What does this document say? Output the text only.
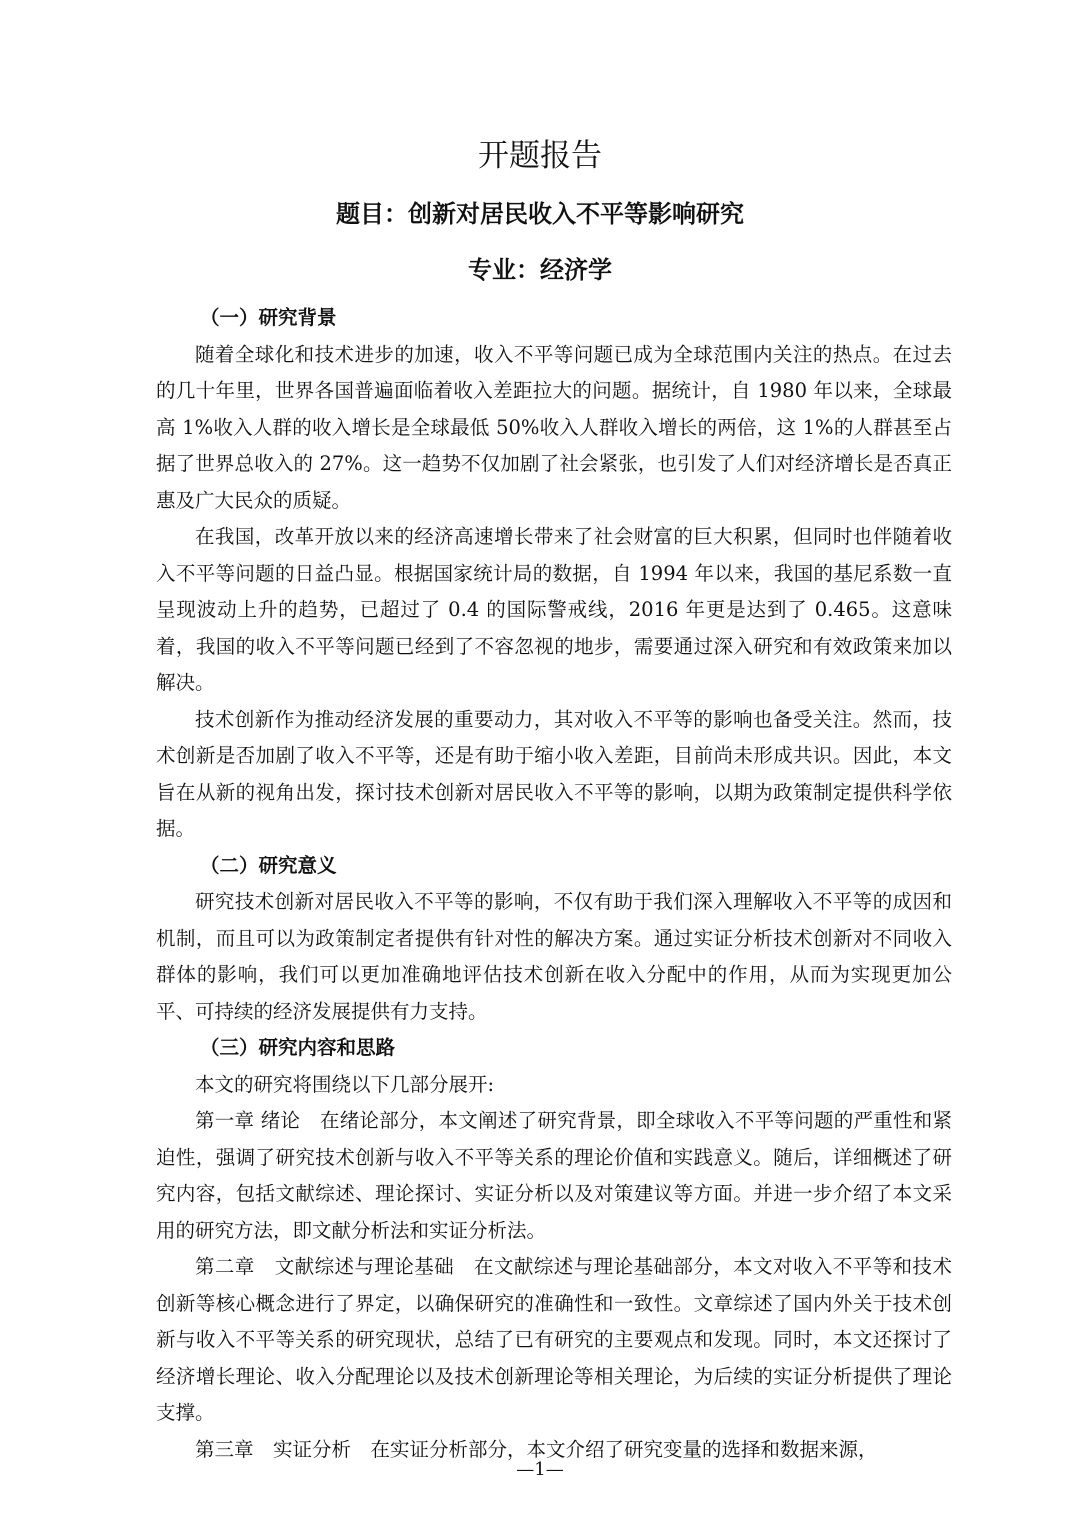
开题报告
题目：创新对居民收入不平等影响研究
专业：经济学

（一）研究背景

随着全球化和技术进步的加速，收入不平等问题已成为全球范围内关注的热点。在过去的几十年里，世界各国普遍面临着收入差距拉大的问题。据统计，自 1980 年以来，全球最高 1%收入人群的收入增长是全球最低 50%收入人群收入增长的两倍，这 1%的人群甚至占据了世界总收入的 27%。这一趋势不仅加剧了社会紧张，也引发了人们对经济增长是否真正惠及广大民众的质疑。

在我国，改革开放以来的经济高速增长带来了社会财富的巨大积累，但同时也伴随着收入不平等问题的日益凸显。根据国家统计局的数据，自 1994 年以来，我国的基尼系数一直呈现波动上升的趋势，已超过了 0.4 的国际警戒线，2016 年更是达到了 0.465。这意味着，我国的收入不平等问题已经到了不容忽视的地步，需要通过深入研究和有效政策来加以解决。

技术创新作为推动经济发展的重要动力，其对收入不平等的影响也备受关注。然而，技术创新是否加剧了收入不平等，还是有助于缩小收入差距，目前尚未形成共识。因此，本文旨在从新的视角出发，探讨技术创新对居民收入不平等的影响，以期为政策制定提供科学依据。

（二）研究意义

研究技术创新对居民收入不平等的影响，不仅有助于我们深入理解收入不平等的成因和机制，而且可以为政策制定者提供有针对性的解决方案。通过实证分析技术创新对不同收入群体的影响，我们可以更加准确地评估技术创新在收入分配中的作用，从而为实现更加公平、可持续的经济发展提供有力支持。

（三）研究内容和思路

本文的研究将围绕以下几部分展开:

第一章 绪论　在绪论部分，本文阐述了研究背景，即全球收入不平等问题的严重性和紧迫性，强调了研究技术创新与收入不平等关系的理论价值和实践意义。随后，详细概述了研究内容，包括文献综述、理论探讨、实证分析以及对策建议等方面。并进一步介绍了本文采用的研究方法，即文献分析法和实证分析法。

第二章　文献综述与理论基础　在文献综述与理论基础部分，本文对收入不平等和技术创新等核心概念进行了界定，以确保研究的准确性和一致性。文章综述了国内外关于技术创新与收入不平等关系的研究现状，总结了已有研究的主要观点和发现。同时，本文还探讨了经济增长理论、收入分配理论以及技术创新理论等相关理论，为后续的实证分析提供了理论支撑。

第三章　实证分析　在实证分析部分，本文介绍了研究变量的选择和数据来源，

—1—
